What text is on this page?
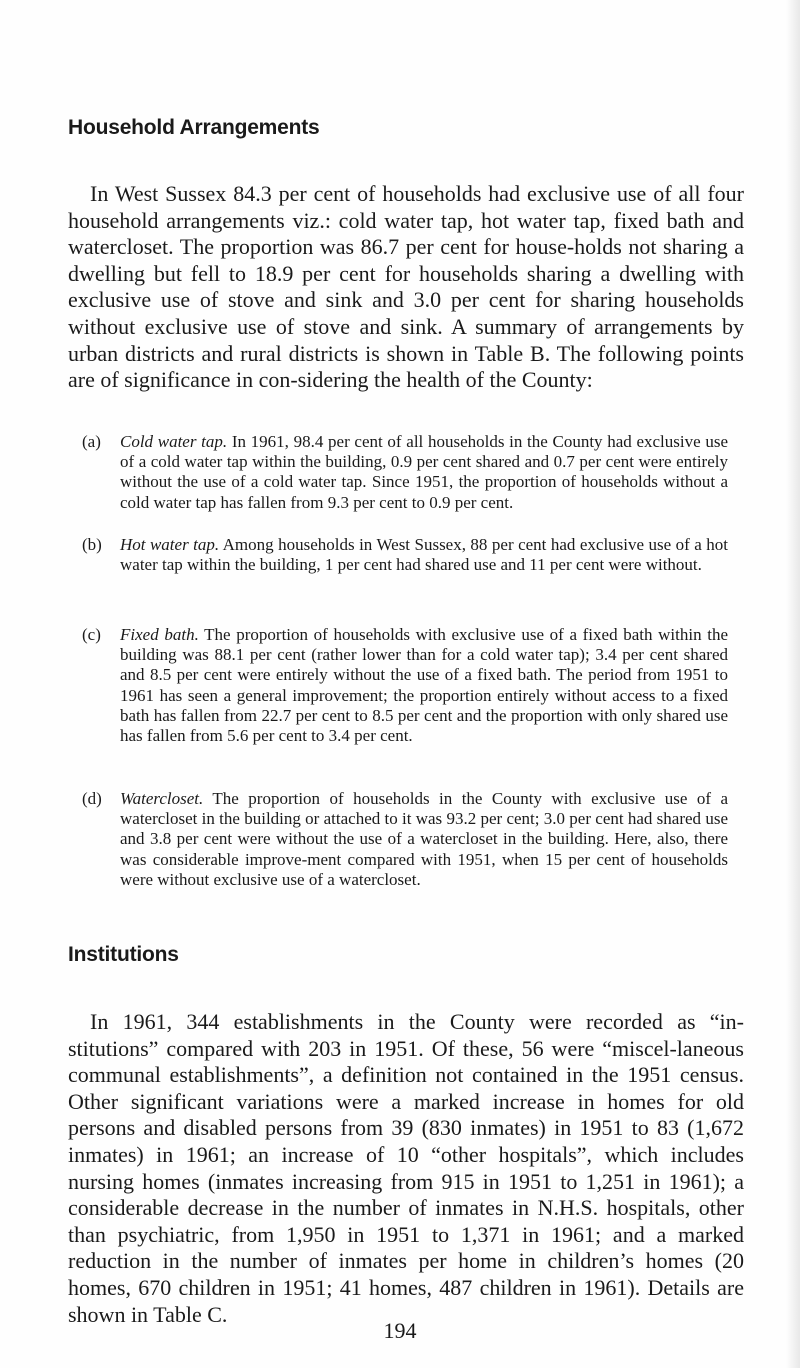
Household Arrangements

In West Sussex 84.3 per cent of households had exclusive use of all four household arrangements viz.: cold water tap, hot water tap, fixed bath and watercloset. The proportion was 86.7 per cent for house-holds not sharing a dwelling but fell to 18.9 per cent for households sharing a dwelling with exclusive use of stove and sink and 3.0 per cent for sharing households without exclusive use of stove and sink. A summary of arrangements by urban districts and rural districts is shown in Table B. The following points are of significance in con-sidering the health of the County:

(a) Cold water tap. In 1961, 98.4 per cent of all households in the County had exclusive use of a cold water tap within the building, 0.9 per cent shared and 0.7 per cent were entirely without the use of a cold water tap. Since 1951, the proportion of households without a cold water tap has fallen from 9.3 per cent to 0.9 per cent.
(b) Hot water tap. Among households in West Sussex, 88 per cent had exclusive use of a hot water tap within the building, 1 per cent had shared use and 11 per cent were without.
(c) Fixed bath. The proportion of households with exclusive use of a fixed bath within the building was 88.1 per cent (rather lower than for a cold water tap); 3.4 per cent shared and 8.5 per cent were entirely without the use of a fixed bath. The period from 1951 to 1961 has seen a general improvement; the proportion entirely without access to a fixed bath has fallen from 22.7 per cent to 8.5 per cent and the proportion with only shared use has fallen from 5.6 per cent to 3.4 per cent.
(d) Watercloset. The proportion of households in the County with exclusive use of a watercloset in the building or attached to it was 93.2 per cent; 3.0 per cent had shared use and 3.8 per cent were without the use of a watercloset in the building. Here, also, there was considerable improve-ment compared with 1951, when 15 per cent of households were without exclusive use of a watercloset.
Institutions

In 1961, 344 establishments in the County were recorded as “in-stitutions” compared with 203 in 1951. Of these, 56 were “miscel-laneous communal establishments”, a definition not contained in the 1951 census. Other significant variations were a marked increase in homes for old persons and disabled persons from 39 (830 inmates) in 1951 to 83 (1,672 inmates) in 1961; an increase of 10 “other hospitals”, which includes nursing homes (inmates increasing from 915 in 1951 to 1,251 in 1961); a considerable decrease in the number of inmates in N.H.S. hospitals, other than psychiatric, from 1,950 in 1951 to 1,371 in 1961; and a marked reduction in the number of inmates per home in children’s homes (20 homes, 670 children in 1951; 41 homes, 487 children in 1961). Details are shown in Table C.

194
